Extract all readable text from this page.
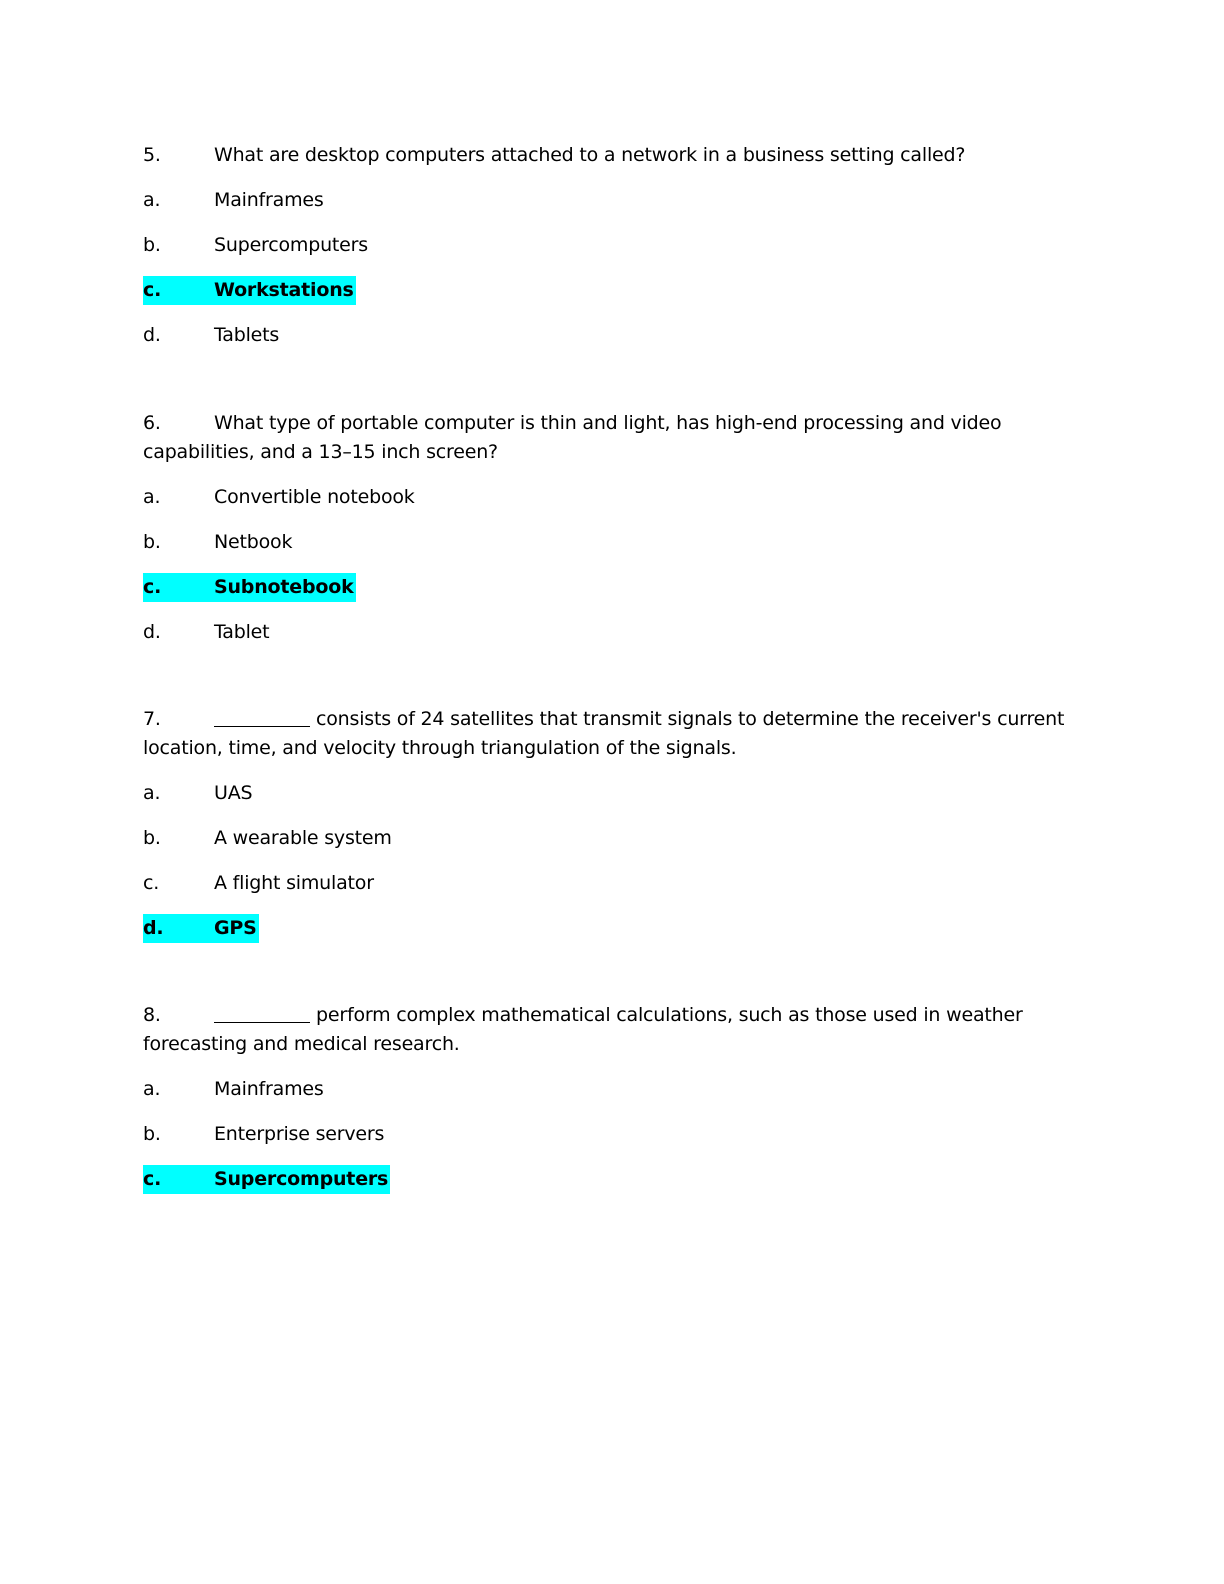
5.	What are desktop computers attached to a network in a business setting called?
a.	Mainframes
b.	Supercomputers
c.	Workstations
d.	Tablets
6.	What type of portable computer is thin and light, has high-end processing and video capabilities, and a 13–15 inch screen?
a.	Convertible notebook
b.	Netbook
c.	Subnotebook
d.	Tablet
7.	consists of 24 satellites that transmit signals to determine the receiver's current location, time, and velocity through triangulation of the signals.
a.	UAS
b.	A wearable system
c.	A flight simulator
d.	GPS
8.	perform complex mathematical calculations, such as those used in weather forecasting and medical research.
a.	Mainframes
b.	Enterprise servers
c.	Supercomputers
